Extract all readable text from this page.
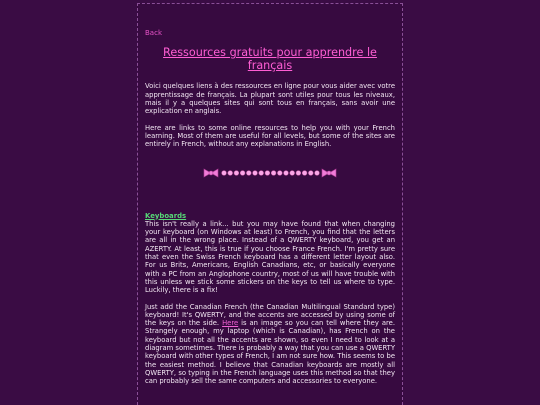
Back
Ressources gratuits pour apprendre le français

Voici quelques liens à des ressources en ligne pour vous aider avec votre apprentissage de français. La plupart sont utiles pour tous les niveaux, mais il y a quelques sites qui sont tous en français, sans avoir une explication en anglais.

Here are links to some online resources to help you with your French learning. Most of them are useful for all levels, but some of the sites are entirely in French, without any explanations in English.

Keyboards

This isn't really a link... but you may have found that when changing your keyboard (on Windows at least) to French, you find that the letters are all in the wrong place. Instead of a QWERTY keyboard, you get an AZERTY. At least, this is true if you choose France French. I'm pretty sure that even the Swiss French keyboard has a different letter layout also. For us Brits, Americans, English Canadians, etc, or basically everyone with a PC from an Anglophone country, most of us will have trouble with this unless we stick some stickers on the keys to tell us where to type. Luckily, there is a fix!

Just add the Canadian French (the Canadian Multilingual Standard type) keyboard! It's QWERTY, and the accents are accessed by using some of the keys on the side. Here is an image so you can tell where they are. Strangely enough, my laptop (which is Canadian), has French on the keyboard but not all the accents are shown, so even I need to look at a diagram sometimes. There is probably a way that you can use a QWERTY keyboard with other types of French, I am not sure how. This seems to be the easiest method. I believe that Canadian keyboards are mostly all QWERTY, so typing in the French language uses this method so that they can probably sell the same computers and accessories to everyone.
